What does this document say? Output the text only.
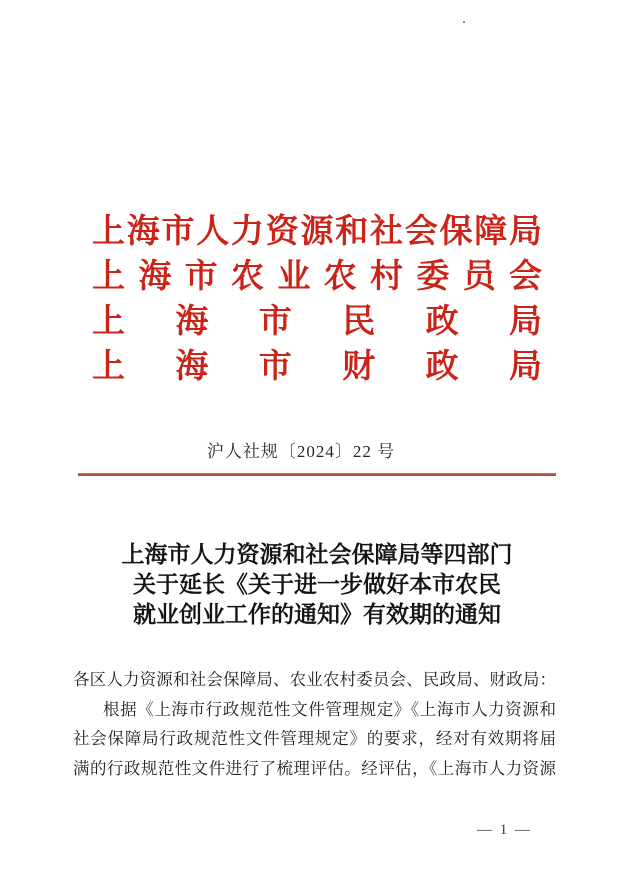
上海市人力资源和社会保障局
上海市农业农村委员会
上海市民政局
上海市财政局
沪人社规〔2024〕22 号
上海市人力资源和社会保障局等四部门
关于延长《关于进一步做好本市农民
就业创业工作的通知》有效期的通知
各区人力资源和社会保障局、农业农村委员会、民政局、财政局：
根据《上海市行政规范性文件管理规定》《上海市人力资源和
社会保障局行政规范性文件管理规定》的要求，经对有效期将届
满的行政规范性文件进行了梳理评估。经评估，《上海市人力资源
— 1 —
